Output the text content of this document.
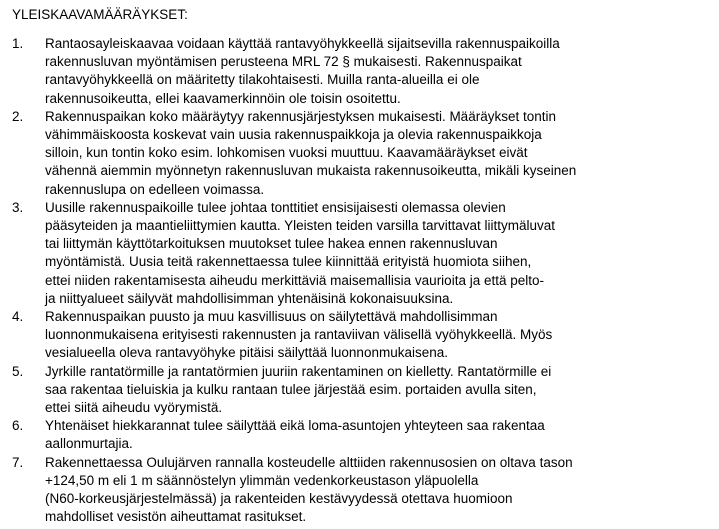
YLEISKAAVAMÄÄRÄYKSET:
1. Rantaosayleiskaavaa voidaan käyttää rantavyöhykkeellä sijaitsevilla rakennuspaikoilla
rakennusluvan myöntämisen perusteena MRL 72 § mukaisesti. Rakennuspaikat
rantavyöhykkeellä on määritetty tilakohtaisesti. Muilla ranta-alueilla ei ole
rakennusoikeutta, ellei kaavamerkinnöin ole toisin osoitettu.
2. Rakennuspaikan koko määräytyy rakennusjärjestyksen mukaisesti. Määräykset tontin
vähimmäiskoosta koskevat vain uusia rakennuspaikkoja ja olevia rakennuspaikkoja
silloin, kun tontin koko esim. lohkomisen vuoksi muuttuu. Kaavamääräykset eivät
vähennä aiemmin myönnetyn rakennusluvan mukaista rakennusoikeutta, mikäli kyseinen
rakennuslupa on edelleen voimassa.
3. Uusille rakennuspaikoille tulee johtaa tonttitiet ensisijaisesti olemassa olevien
pääsyteiden ja maantieliittymien kautta. Yleisten teiden varsilla tarvittavat liittymäluvat
tai liittymän käyttötarkoituksen muutokset tulee hakea ennen rakennusluvan
myöntämistä. Uusia teitä rakennettaessa tulee kiinnittää erityistä huomiota siihen,
ettei niiden rakentamisesta aiheudu merkittäviä maisemallisia vaurioita ja että pelto-
ja niittyalueet säilyvät mahdollisimman yhtenäisinä kokonaisuuksina.
4. Rakennuspaikan puusto ja muu kasvillisuus on säilytettävä mahdollisimman
luonnonmukaisena erityisesti rakennusten ja rantaviivan välisellä vyöhykkeellä. Myös
vesialueella oleva rantavyöhyke pitäisi säilyttää luonnonmukaisena.
5. Jyrkille rantatörmille ja rantatörmien juuriin rakentaminen on kielletty. Rantatörmille ei
saa rakentaa tieluiskia ja kulku rantaan tulee järjestää esim. portaiden avulla siten,
ettei siitä aiheudu vyörymistä.
6. Yhtenäiset hiekkarannat tulee säilyttää eikä loma-asuntojen yhteyteen saa rakentaa
aallonmurtajia.
7. Rakennettaessa Oulujärven rannalla kosteudelle alttiiden rakennusosien on oltava tason
+124,50 m eli 1 m säännöstelyn ylimmän vedenkorkeustason yläpuolella
(N60-korkeusjärjestelmässä) ja rakenteiden kestävyydessä otettava huomioon
mahdolliset vesistön aiheuttamat rasitukset.
